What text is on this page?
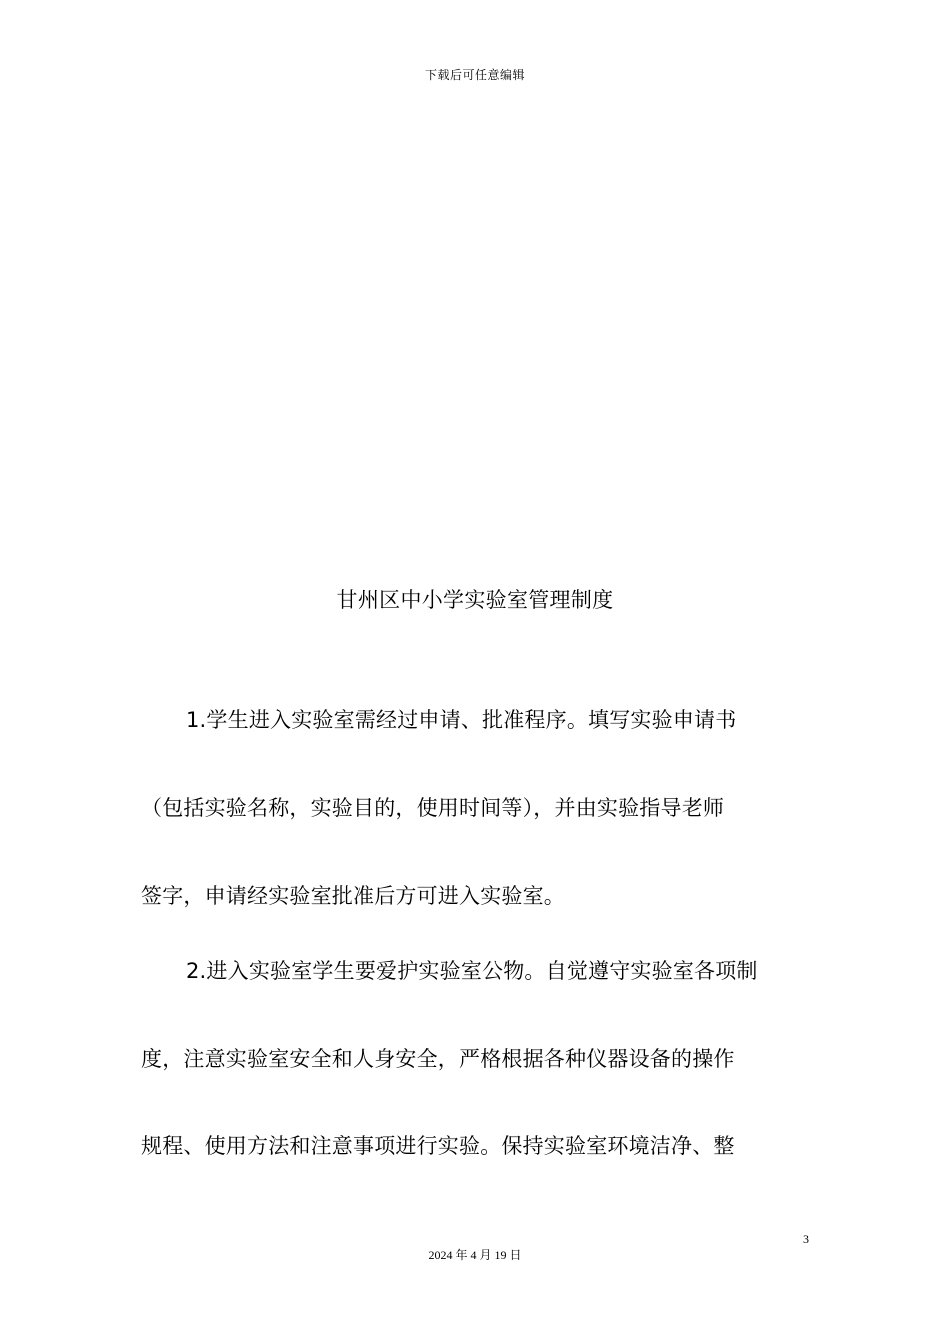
下载后可任意编辑
甘州区中小学实验室管理制度
1.学生进入实验室需经过申请、批准程序。填写实验申请书
（包括实验名称，实验目的，使用时间等），并由实验指导老师
签字，申请经实验室批准后方可进入实验室。
2.进入实验室学生要爱护实验室公物。自觉遵守实验室各项制
度，注意实验室安全和人身安全，严格根据各种仪器设备的操作
规程、使用方法和注意事项进行实验。保持实验室环境洁净、整
3
2024 年 4 月 19 日
